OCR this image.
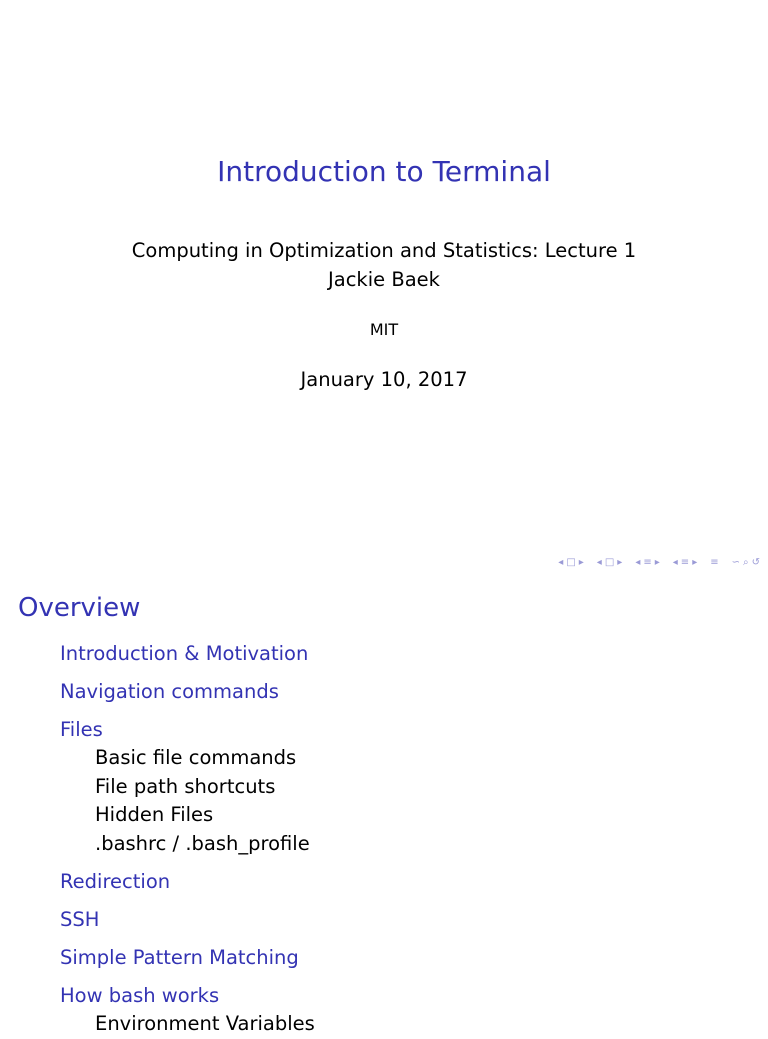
Introduction to Terminal
Computing in Optimization and Statistics: Lecture 1
Jackie Baek
MIT
January 10, 2017
◂ □ ▸ ◂ □ ▸ ◂ ≡ ▸ ◂ ≡ ▸ ≡ ∽ ⌕ ↺
Overview
Introduction & Motivation
Navigation commands
Files
Basic file commands
File path shortcuts
Hidden Files
.bashrc / .bash_profile
Redirection
SSH
Simple Pattern Matching
How bash works
Environment Variables
